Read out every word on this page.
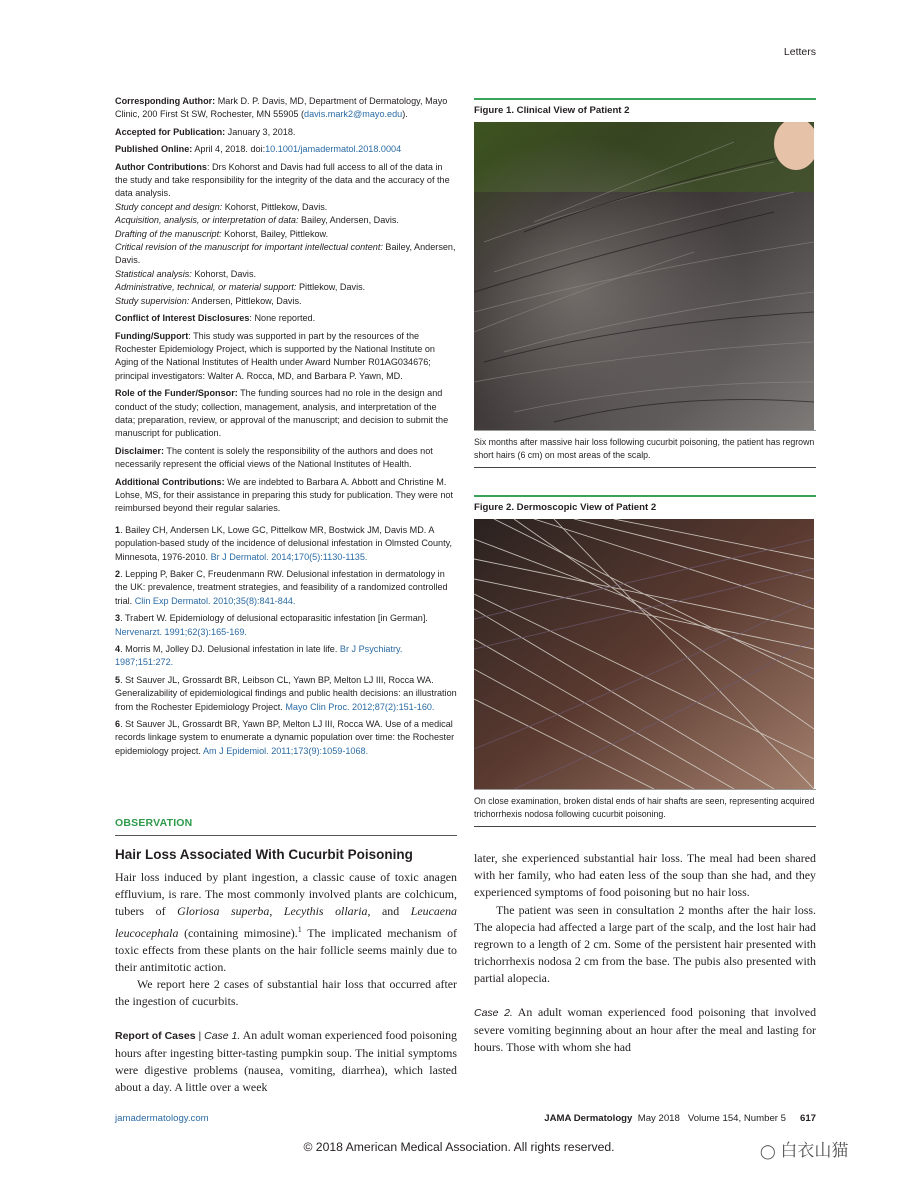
Letters

Corresponding Author: Mark D. P. Davis, MD, Department of Dermatology, Mayo Clinic, 200 First St SW, Rochester, MN 55905 (davis.mark2@mayo.edu).

Accepted for Publication: January 3, 2018.

Published Online: April 4, 2018. doi:10.1001/jamadermatol.2018.0004

Author Contributions: Drs Kohorst and Davis had full access to all of the data in the study and take responsibility for the integrity of the data and the accuracy of the data analysis.

Study concept and design: Kohorst, Pittlekow, Davis.

Acquisition, analysis, or interpretation of data: Bailey, Andersen, Davis.

Drafting of the manuscript: Kohorst, Bailey, Pittlekow.

Critical revision of the manuscript for important intellectual content: Bailey, Andersen, Davis.

Statistical analysis: Kohorst, Davis.

Administrative, technical, or material support: Pittlekow, Davis.

Study supervision: Andersen, Pittlekow, Davis.

Conflict of Interest Disclosures: None reported.

Funding/Support: This study was supported in part by the resources of the Rochester Epidemiology Project, which is supported by the National Institute on Aging of the National Institutes of Health under Award Number R01AG034676; principal investigators: Walter A. Rocca, MD, and Barbara P. Yawn, MD.

Role of the Funder/Sponsor: The funding sources had no role in the design and conduct of the study; collection, management, analysis, and interpretation of the data; preparation, review, or approval of the manuscript; and decision to submit the manuscript for publication.

Disclaimer: The content is solely the responsibility of the authors and does not necessarily represent the official views of the National Institutes of Health.

Additional Contributions: We are indebted to Barbara A. Abbott and Christine M. Lohse, MS, for their assistance in preparing this study for publication. They were not reimbursed beyond their regular salaries.

1. Bailey CH, Andersen LK, Lowe GC, Pittelkow MR, Bostwick JM, Davis MD. A population-based study of the incidence of delusional infestation in Olmsted County, Minnesota, 1976-2010. Br J Dermatol. 2014;170(5):1130-1135.

2. Lepping P, Baker C, Freudenmann RW. Delusional infestation in dermatology in the UK: prevalence, treatment strategies, and feasibility of a randomized controlled trial. Clin Exp Dermatol. 2010;35(8):841-844.

3. Trabert W. Epidemiology of delusional ectoparasitic infestation [in German]. Nervenarzt. 1991;62(3):165-169.

4. Morris M, Jolley DJ. Delusional infestation in late life. Br J Psychiatry. 1987;151:272.

5. St Sauver JL, Grossardt BR, Leibson CL, Yawn BP, Melton LJ III, Rocca WA. Generalizability of epidemiological findings and public health decisions: an illustration from the Rochester Epidemiology Project. Mayo Clin Proc. 2012;87(2):151-160.

6. St Sauver JL, Grossardt BR, Yawn BP, Melton LJ III, Rocca WA. Use of a medical records linkage system to enumerate a dynamic population over time: the Rochester epidemiology project. Am J Epidemiol. 2011;173(9):1059-1068.

OBSERVATION
Hair Loss Associated With Cucurbit Poisoning

Hair loss induced by plant ingestion, a classic cause of toxic anagen effluvium, is rare. The most commonly involved plants are colchicum, tubers of Gloriosa superba, Lecythis ollaria, and Leucaena leucocephala (containing mimosine).$^1$ The implicated mechanism of toxic effects from these plants on the hair follicle seems mainly due to their antimitotic action.

We report here 2 cases of substantial hair loss that occurred after the ingestion of cucurbits.

Report of Cases | Case 1. An adult woman experienced food poisoning hours after ingesting bitter-tasting pumpkin soup. The initial symptoms were digestive problems (nausea, vomiting, diarrhea), which lasted about a day. A little over a week

later, she experienced substantial hair loss. The meal had been shared with her family, who had eaten less of the soup than she had, and they experienced symptoms of food poisoning but no hair loss.

The patient was seen in consultation 2 months after the hair loss. The alopecia had affected a large part of the scalp, and the lost hair had regrown to a length of 2 cm. Some of the persistent hair presented with trichorrhexis nodosa 2 cm from the base. The pubis also presented with partial alopecia.

Case 2. An adult woman experienced food poisoning that involved severe vomiting beginning about an hour after the meal and lasting for hours. Those with whom she had

Figure 1. Clinical View of Patient 2
Six months after massive hair loss following cucurbit poisoning, the patient has regrown short hairs (6 cm) on most areas of the scalp.
Figure 2. Dermoscopic View of Patient 2
On close examination, broken distal ends of hair shafts are seen, representing acquired trichorrhexis nodosa following cucurbit poisoning.
jamadermatology.com	JAMA Dermatology  May 2018   Volume 154, Number 5 617
© 2018 American Medical Association. All rights reserved.	◯ 白衣山猫
